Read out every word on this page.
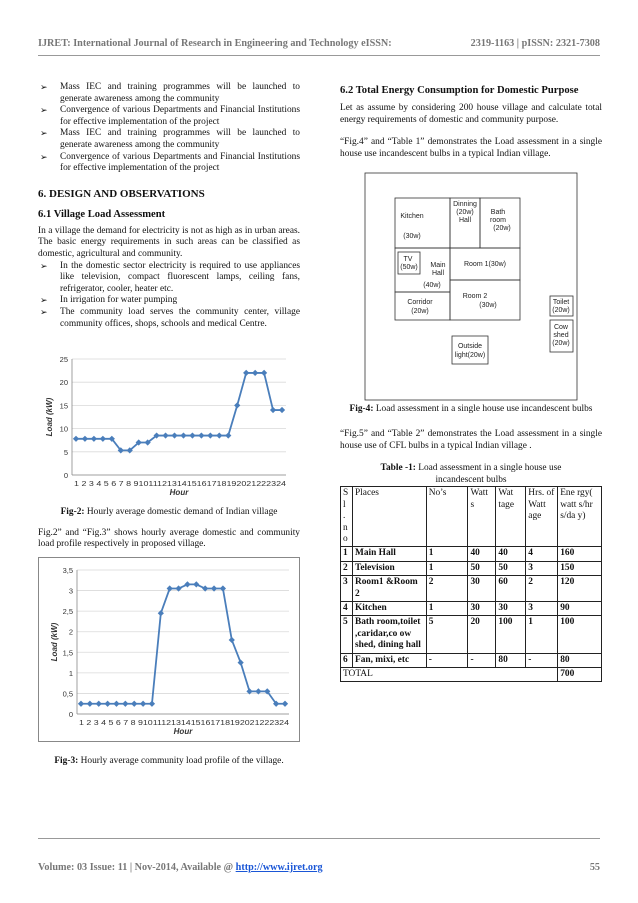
IJRET: International Journal of Research in Engineering and Technology eISSN:	2319-1163 | pISSN: 2321-7308
➢ Mass IEC and training programmes will be launched to generate awareness among the community
➢ Convergence of various Departments and Financial Institutions for effective implementation of the project
➢ Mass IEC and training programmes will be launched to generate awareness among the community
➢ Convergence of various Departments and Financial Institutions for effective implementation of the project
6. DESIGN AND OBSERVATIONS
6.1 Village Load Assessment

In a village the demand for electricity is not as high as in urban areas. The basic energy requirements in such areas can be classified as domestic, agricultural and community.

➢ In the domestic sector electricity is required to use appliances like television, compact fluorescent lamps, ceiling fans, refrigerator, cooler, heater etc.
➢ In irrigation for water pumping
➢ The community load serves the community center, village community offices, shops, schools and medical Centre.
0
5
10
15
20
25
1 2 3 4 5 6 7 8 9101112131415161718192021222324
Hour
Load (kW)

Fig-2: Hourly average domestic demand of Indian village

Fig.2” and “Fig.3” shows hourly average domestic and community load profile respectively in proposed village.

0
0,5
1
1,5
2
2,5
3
3,5
1 2 3 4 5 6 7 8 9101112131415161718192021222324
Hour
Load (kW)

Fig-3: Hourly average community load profile of the village.

6.2 Total Energy Consumption for Domestic Purpose

Let as assume by considering 200 house village and calculate total energy requirements of domestic and community purpose.

“Fig.4” and “Table 1” demonstrates the Load assessment in a single house use incandescent bulbs in a typical Indian village.

Kitchen
(30w)
Dinning
(20w)
Hall
Bath
room
(20w)
TV
(50w) Main
Hall
(40w)
Room 1(30w)
Room 2
(30w)
Corridor
(20w)
Outside
light(20w)
Toilet
(20w)
Cow
shed
(20w)

Fig-4: Load assessment in a single house use incandescent bulbs

“Fig.5” and “Table 2” demonstrates the Load assessment in a single house use of CFL bulbs in a typical Indian village .

Table -1: Load assessment in a single house use incandescent bulbs

S l . n o	Places	No’s	Watt s	Wat tage	Hrs. of Watt age	Ene rgy( watt s/hr s/da y)
1	Main Hall	1	40	40	4	160
2	Television	1	50	50	3	150
3	Room1 &Room 2	2	30	60	2	120
4	Kitchen	1	30	30	3	90
5	Bath room,toilet ,caridar,co ow shed, dining hall	5	20	100	1	100
6	Fan, mixi, etc	-	-	80	-	80
TOTAL						700
Volume: 03 Issue: 11 | Nov-2014, Available @ http://www.ijret.org	55
